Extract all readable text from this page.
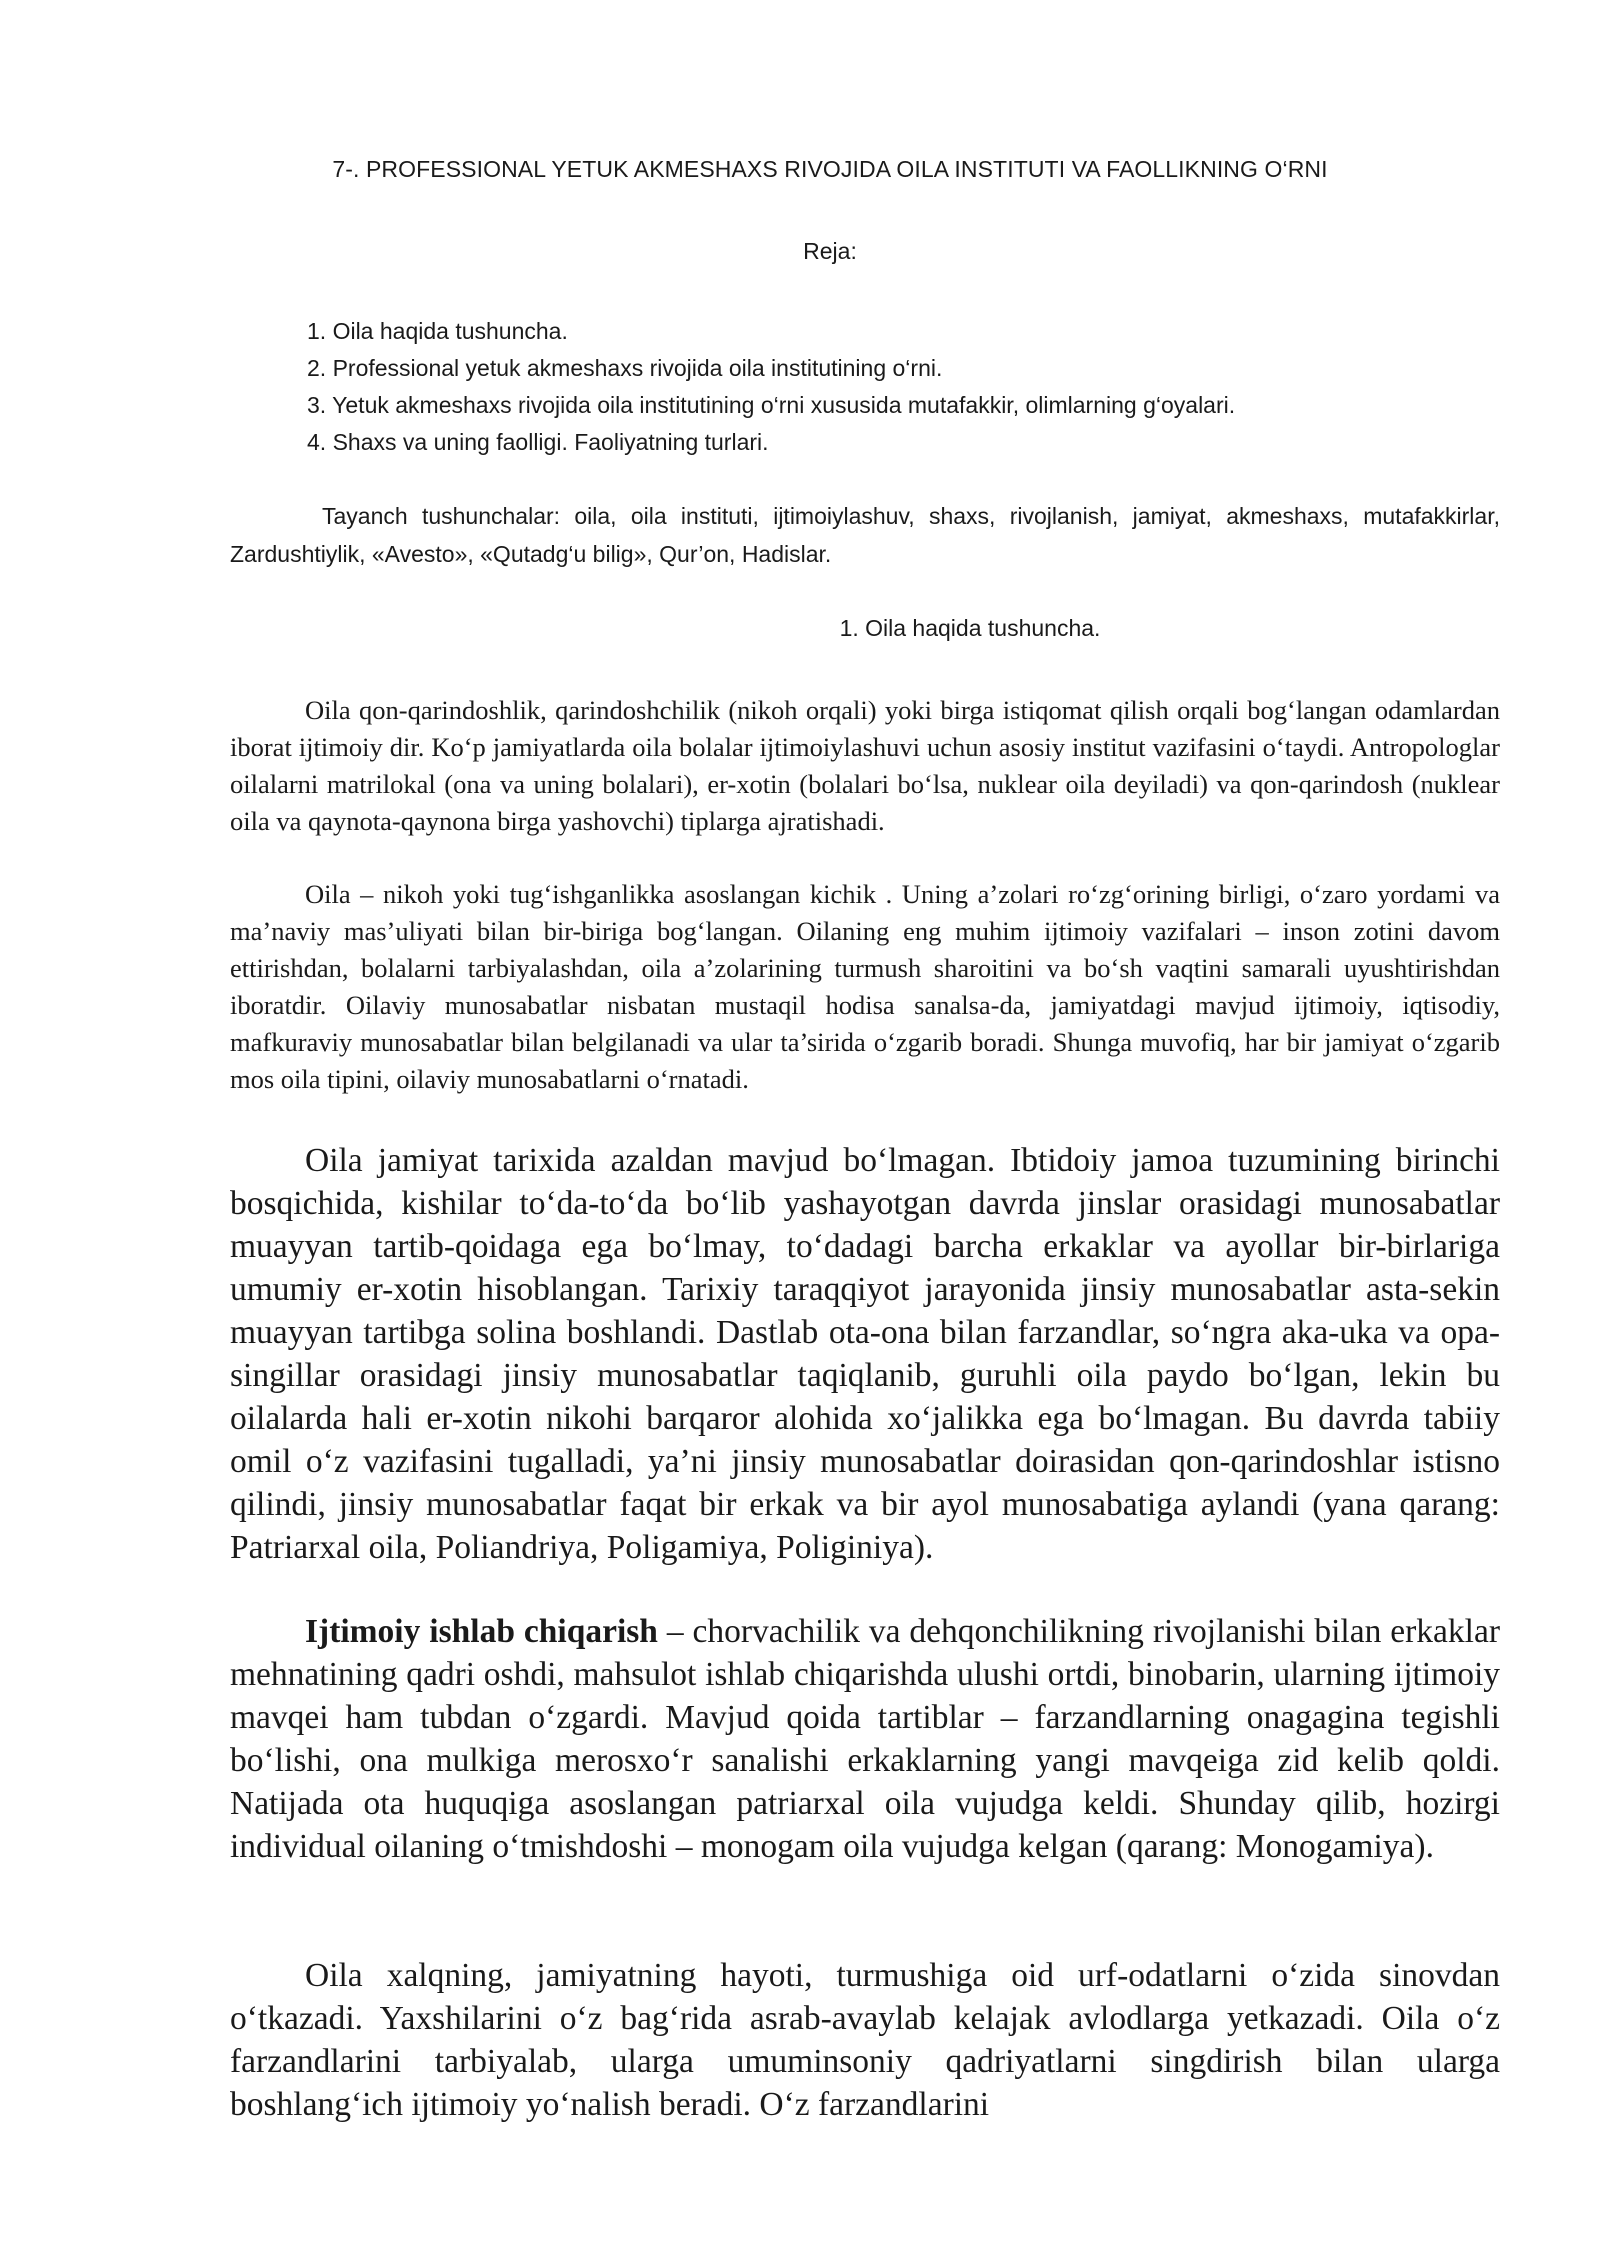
7-. PROFESSIONAL YETUK AKMESHAXS RIVOJIDA OILA INSTITUTI VA FAOLLIKNING O‘RNI
Reja:
1. Oila haqida tushuncha.
2. Professional yetuk akmeshaxs rivojida oila institutining o‘rni.
3. Yetuk akmeshaxs rivojida oila institutining o‘rni xususida mutafakkir, olimlarning g‘oyalari.
4. Shaxs va uning faolligi. Faoliyatning turlari.
Tayanch tushunchalar: oila, oila instituti, ijtimoiylashuv, shaxs, rivojlanish, jamiyat, akmeshaxs, mutafakkirlar, Zardushtiylik, «Avesto», «Qutadg‘u bilig», Qur’on, Hadislar.
1. Oila haqida tushuncha.

Oila qon-qarindoshlik, qarindoshchilik (nikoh orqali) yoki birga istiqomat qilish orqali bog‘langan odamlardan iborat ijtimoiy dir. Ko‘p jamiyatlarda oila bolalar ijtimoiylashuvi uchun asosiy institut vazifasini o‘taydi. Antropologlar oilalarni matrilokal (ona va uning bolalari), er-xotin (bolalari bo‘lsa, nuklear oila deyiladi) va qon-qarindosh (nuklear oila va qaynota-qaynona birga yashovchi) tiplarga ajratishadi.

Oila – nikoh yoki tug‘ishganlikka asoslangan kichik . Uning a’zolari ro‘zg‘orining birligi, o‘zaro yordami va ma’naviy mas’uliyati bilan bir-biriga bog‘langan. Oilaning eng muhim ijtimoiy vazifalari – inson zotini davom ettirishdan, bolalarni tarbiyalashdan, oila a’zolarining turmush sharoitini va bo‘sh vaqtini samarali uyushtirishdan iboratdir. Oilaviy munosabatlar nisbatan mustaqil hodisa sanalsa-da, jamiyatdagi mavjud ijtimoiy, iqtisodiy, mafkuraviy munosabatlar bilan belgilanadi va ular ta’sirida o‘zgarib boradi. Shunga muvofiq, har bir jamiyat o‘zgarib mos oila tipini, oilaviy munosabatlarni o‘rnatadi.

Oila jamiyat tarixida azaldan mavjud bo‘lmagan. Ibtidoiy jamoa tuzumining birinchi bosqichida, kishilar to‘da-to‘da bo‘lib yashayotgan davrda jinslar orasidagi munosabatlar muayyan tartib-qoidaga ega bo‘lmay, to‘dadagi barcha erkaklar va ayollar bir-birlariga umumiy er-xotin hisoblangan. Tarixiy taraqqiyot jarayonida jinsiy munosabatlar asta-sekin muayyan tartibga solina boshlandi. Dastlab ota-ona bilan farzandlar, so‘ngra aka-uka va opa-singillar orasidagi jinsiy munosabatlar taqiqlanib, guruhli oila paydo bo‘lgan, lekin bu oilalarda hali er-xotin nikohi barqaror alohida xo‘jalikka ega bo‘lmagan. Bu davrda tabiiy omil o‘z vazifasini tugalladi, ya’ni jinsiy munosabatlar doirasidan qon-qarindoshlar istisno qilindi, jinsiy munosabatlar faqat bir erkak va bir ayol munosabatiga aylandi (yana qarang: Patriarxal oila, Poliandriya, Poligamiya, Poliginiya).

Ijtimoiy ishlab chiqarish – chorvachilik va dehqonchilikning rivojlanishi bilan erkaklar mehnatining qadri oshdi, mahsulot ishlab chiqarishda ulushi ortdi, binobarin, ularning ijtimoiy mavqei ham tubdan o‘zgardi. Mavjud qoida tartiblar – farzandlarning onagagina tegishli bo‘lishi, ona mulkiga merosxo‘r sanalishi erkaklarning yangi mavqeiga zid kelib qoldi. Natijada ota huquqiga asoslangan patriarxal oila vujudga keldi. Shunday qilib, hozirgi individual oilaning o‘tmishdoshi – monogam oila vujudga kelgan (qarang: Monogamiya).

Oila xalqning, jamiyatning hayoti, turmushiga oid urf-odatlarni o‘zida sinovdan o‘tkazadi. Yaxshilarini o‘z bag‘rida asrab-avaylab kelajak avlodlarga yetkazadi. Oila o‘z farzandlarini tarbiyalab, ularga umuminsoniy qadriyatlarni singdirish bilan ularga boshlang‘ich ijtimoiy yo‘nalish beradi. O‘z farzandlarini
